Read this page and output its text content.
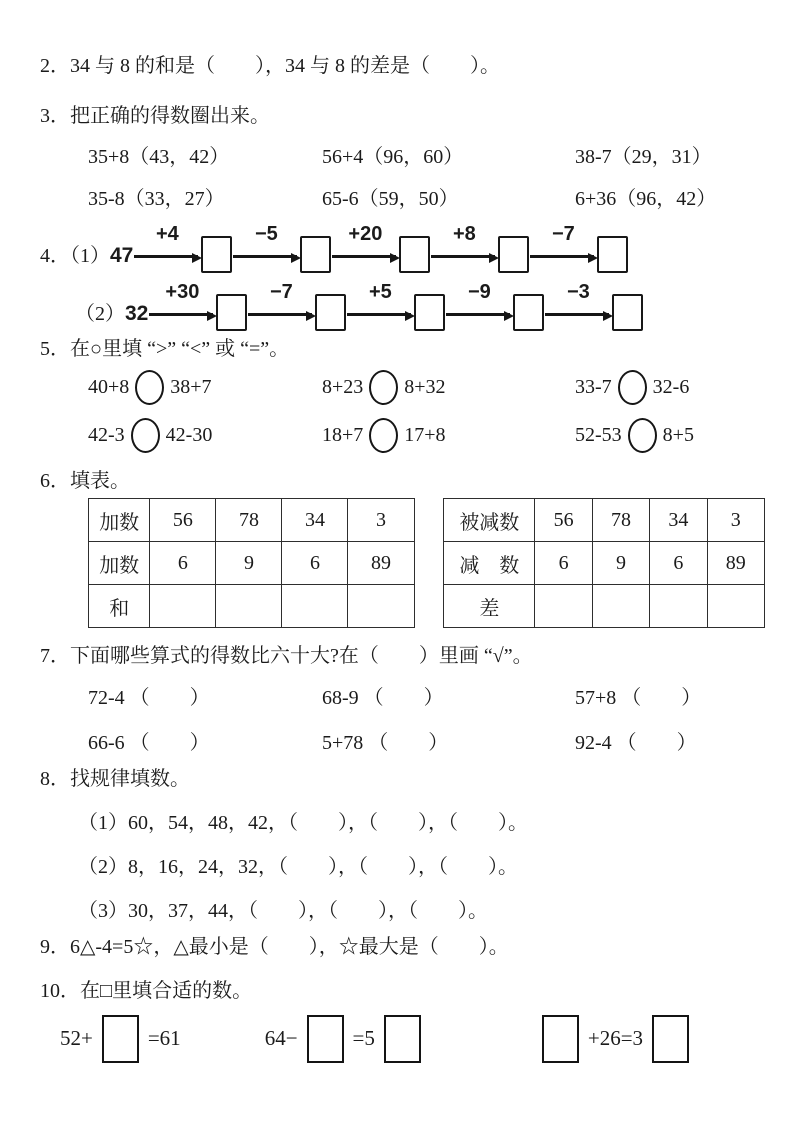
2．34 与 8 的和是（　　），34 与 8 的差是（　　）。
3．把正确的得数圈出来。
35+8（43，42）	56+4（96，60）	38-7（29，31）
35-8（33，27）	65-6（59，50）	6+36（96，42）
4．（1） 47
+4	−5	+20	+8	−7
（2） 32
+30	−7	+5	−9	−3
5．在○里填 “>” “<” 或 “=”。
40+8 38+7	8+23 8+32	33-7 32-6
42-3 42-30	18+7 17+8	52-53 8+5
6．填表。
加数	56	78	34	3
加数	6	9	6	89
和				
被减数	56	78	34	3
减　数	6	9	6	89
差				
7．下面哪些算式的得数比六十大?在（　　）里画 “√”。
72-4 （　　）	68-9 （　　）	57+8 （　　）
66-6 （　　）	5+78 （　　）	92-4 （　　）
8．找规律填数。
（1）60，54，48，42，（　　），（　　），（　　）。
（2）8，16，24，32，（　　），（　　），（　　）。
（3）30，37，44，（　　），（　　），（　　）。
9．6△-4=5☆，△最小是（　　），☆最大是（　　）。
10．在□里填合适的数。
52+	=61	64−	=5	+26=3
